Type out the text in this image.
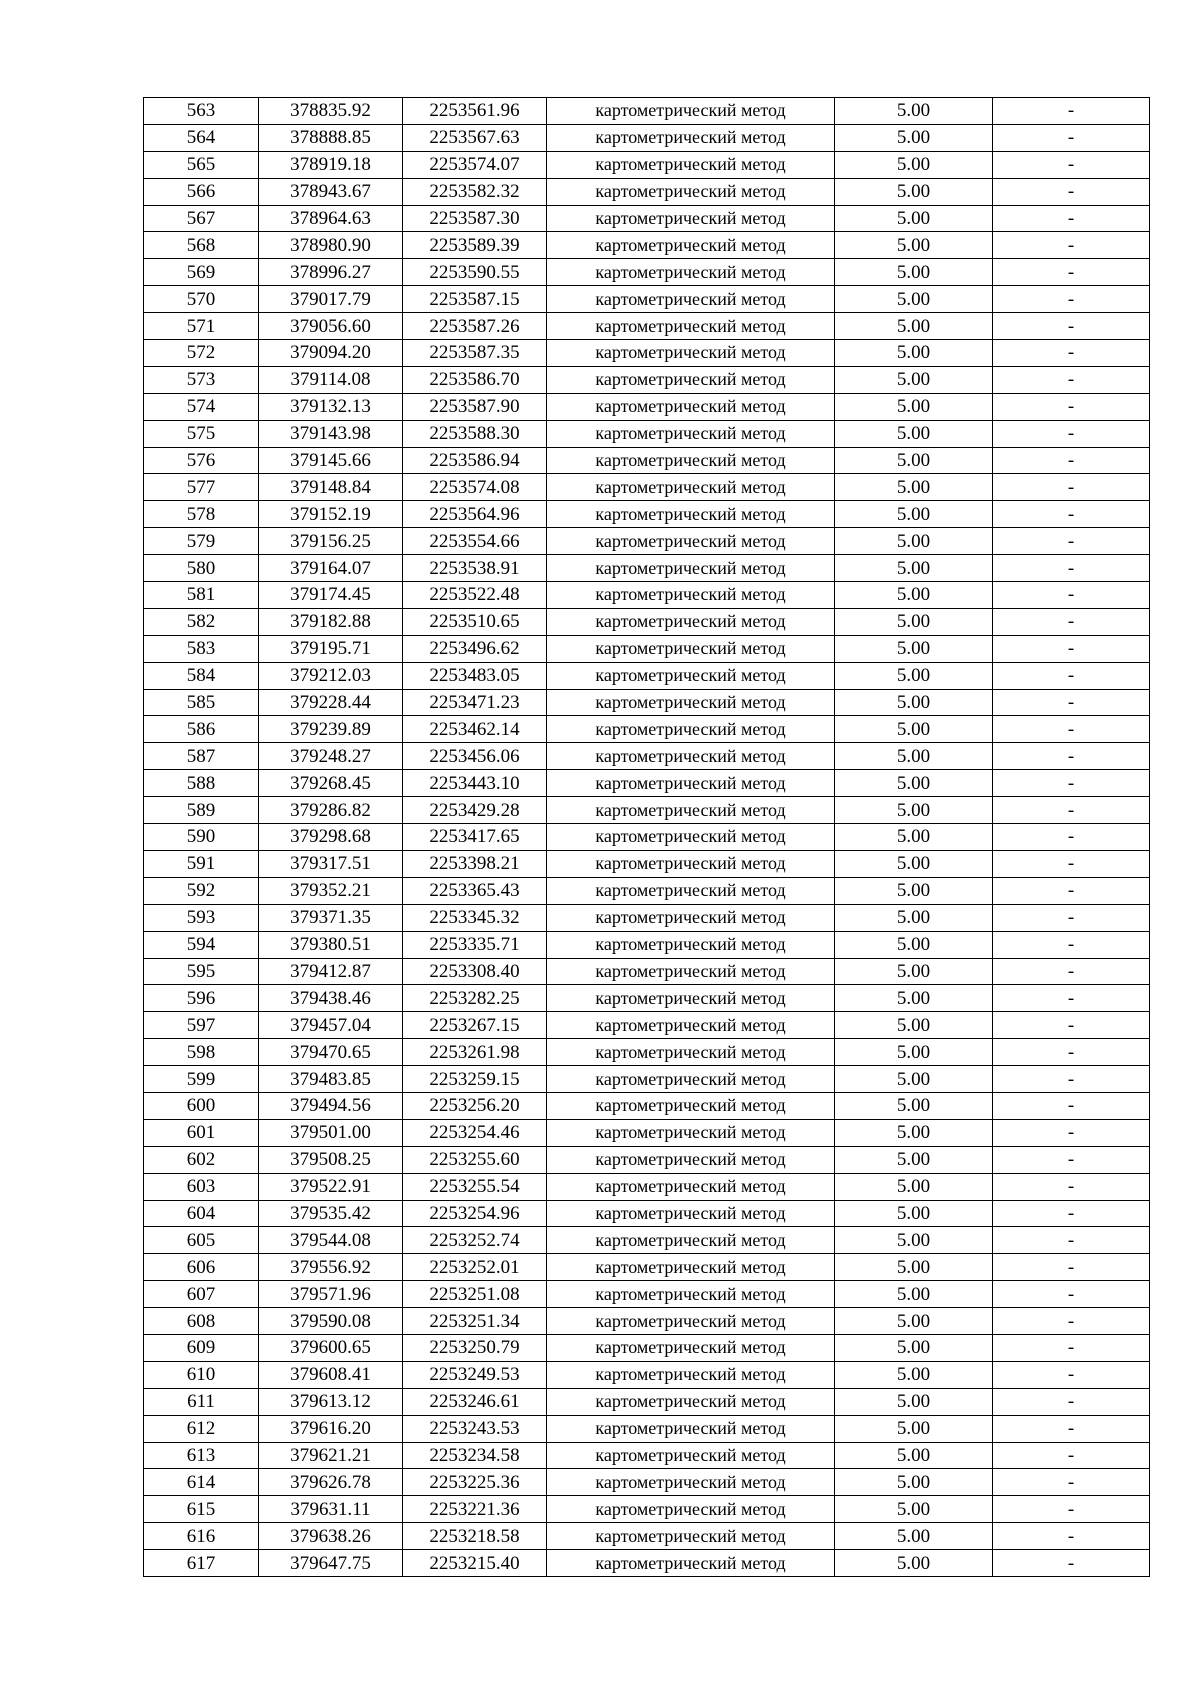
563	378835.92	2253561.96	картометрический метод	5.00	-
564	378888.85	2253567.63	картометрический метод	5.00	-
565	378919.18	2253574.07	картометрический метод	5.00	-
566	378943.67	2253582.32	картометрический метод	5.00	-
567	378964.63	2253587.30	картометрический метод	5.00	-
568	378980.90	2253589.39	картометрический метод	5.00	-
569	378996.27	2253590.55	картометрический метод	5.00	-
570	379017.79	2253587.15	картометрический метод	5.00	-
571	379056.60	2253587.26	картометрический метод	5.00	-
572	379094.20	2253587.35	картометрический метод	5.00	-
573	379114.08	2253586.70	картометрический метод	5.00	-
574	379132.13	2253587.90	картометрический метод	5.00	-
575	379143.98	2253588.30	картометрический метод	5.00	-
576	379145.66	2253586.94	картометрический метод	5.00	-
577	379148.84	2253574.08	картометрический метод	5.00	-
578	379152.19	2253564.96	картометрический метод	5.00	-
579	379156.25	2253554.66	картометрический метод	5.00	-
580	379164.07	2253538.91	картометрический метод	5.00	-
581	379174.45	2253522.48	картометрический метод	5.00	-
582	379182.88	2253510.65	картометрический метод	5.00	-
583	379195.71	2253496.62	картометрический метод	5.00	-
584	379212.03	2253483.05	картометрический метод	5.00	-
585	379228.44	2253471.23	картометрический метод	5.00	-
586	379239.89	2253462.14	картометрический метод	5.00	-
587	379248.27	2253456.06	картометрический метод	5.00	-
588	379268.45	2253443.10	картометрический метод	5.00	-
589	379286.82	2253429.28	картометрический метод	5.00	-
590	379298.68	2253417.65	картометрический метод	5.00	-
591	379317.51	2253398.21	картометрический метод	5.00	-
592	379352.21	2253365.43	картометрический метод	5.00	-
593	379371.35	2253345.32	картометрический метод	5.00	-
594	379380.51	2253335.71	картометрический метод	5.00	-
595	379412.87	2253308.40	картометрический метод	5.00	-
596	379438.46	2253282.25	картометрический метод	5.00	-
597	379457.04	2253267.15	картометрический метод	5.00	-
598	379470.65	2253261.98	картометрический метод	5.00	-
599	379483.85	2253259.15	картометрический метод	5.00	-
600	379494.56	2253256.20	картометрический метод	5.00	-
601	379501.00	2253254.46	картометрический метод	5.00	-
602	379508.25	2253255.60	картометрический метод	5.00	-
603	379522.91	2253255.54	картометрический метод	5.00	-
604	379535.42	2253254.96	картометрический метод	5.00	-
605	379544.08	2253252.74	картометрический метод	5.00	-
606	379556.92	2253252.01	картометрический метод	5.00	-
607	379571.96	2253251.08	картометрический метод	5.00	-
608	379590.08	2253251.34	картометрический метод	5.00	-
609	379600.65	2253250.79	картометрический метод	5.00	-
610	379608.41	2253249.53	картометрический метод	5.00	-
611	379613.12	2253246.61	картометрический метод	5.00	-
612	379616.20	2253243.53	картометрический метод	5.00	-
613	379621.21	2253234.58	картометрический метод	5.00	-
614	379626.78	2253225.36	картометрический метод	5.00	-
615	379631.11	2253221.36	картометрический метод	5.00	-
616	379638.26	2253218.58	картометрический метод	5.00	-
617	379647.75	2253215.40	картометрический метод	5.00	-
